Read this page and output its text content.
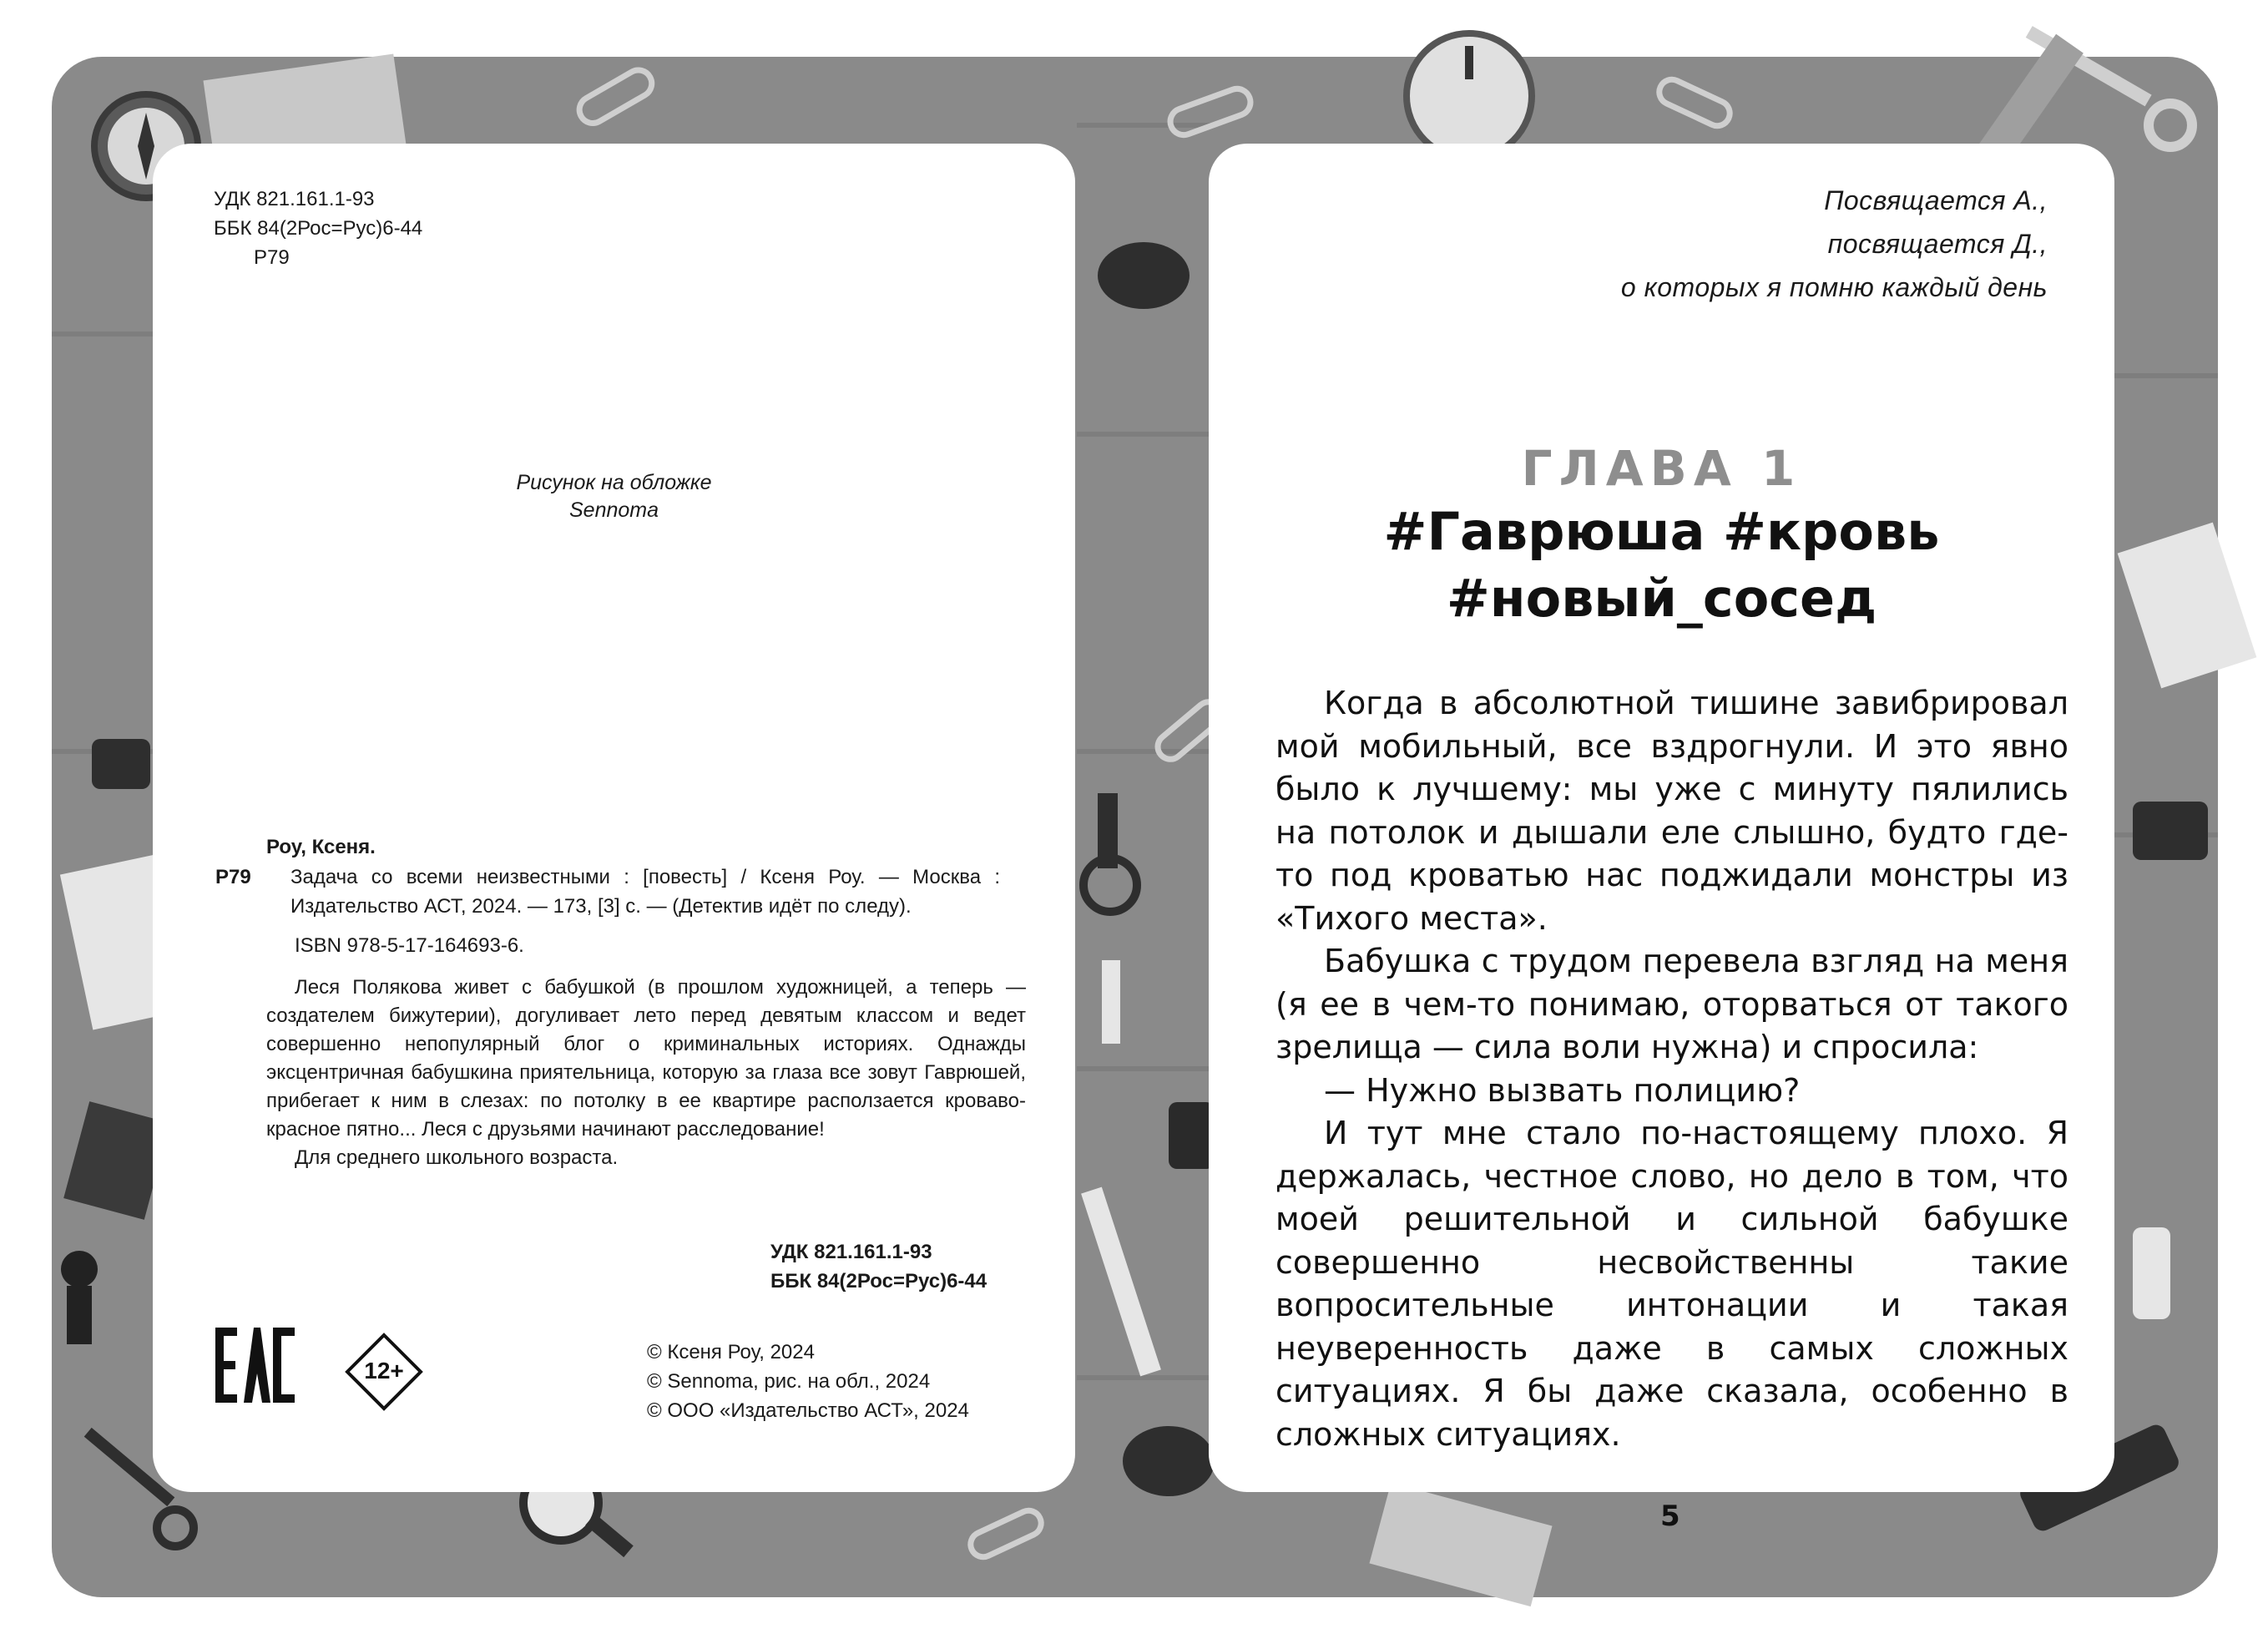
УДК 821.161.1-93
ББК 84(2Рос=Рус)6-44
Р79
Рисунок на обложке
Sennoma
Роу, Ксеня.
Р79 Задача со всеми неизвестными : [повесть] / Ксеня Роу. — Москва : Издательство АСТ, 2024. — 173, [3] с. — (Детектив идёт по следу).
ISBN 978-5-17-164693-6.

Леся Полякова живет с бабушкой (в прошлом художницей, а теперь — создателем бижутерии), догуливает лето перед девятым классом и ведет совершенно непопулярный блог о криминальных историях. Однажды эксцентричная бабушкина приятельница, которую за глаза все зовут Гаврюшей, прибегает к ним в слезах: по потолку в ее квартире расползается кроваво-красное пятно... Леся с друзьями начинают расследование!

Для среднего школьного возраста.

УДК 821.161.1-93
ББК 84(2Рос=Рус)6-44
12+
© Ксеня Роу, 2024
© Sennoma, рис. на обл., 2024
© ООО «Издательство АСТ», 2024
Посвящается А.,
посвящается Д.,
о которых я помню каждый день
ГЛАВА 1
#Гаврюша #кровь
#новый_сосед

Когда в абсолютной тишине завибрировал мой мобильный, все вздрогнули. И это явно было к лучшему: мы уже с минуту пялились на потолок и дышали еле слышно, будто где-то под кроватью нас поджидали монстры из «Тихого места».

Бабушка с трудом перевела взгляд на меня (я ее в чем-то понимаю, оторваться от такого зрелища — сила воли нужна) и спросила:

— Нужно вызвать полицию?

И тут мне стало по-настоящему плохо. Я держалась, честное слово, но дело в том, что моей решительной и сильной бабушке совершенно несвойственны такие вопросительные интонации и такая неуверенность даже в самых сложных ситуациях. Я бы даже сказала, особенно в сложных ситуациях.

5
